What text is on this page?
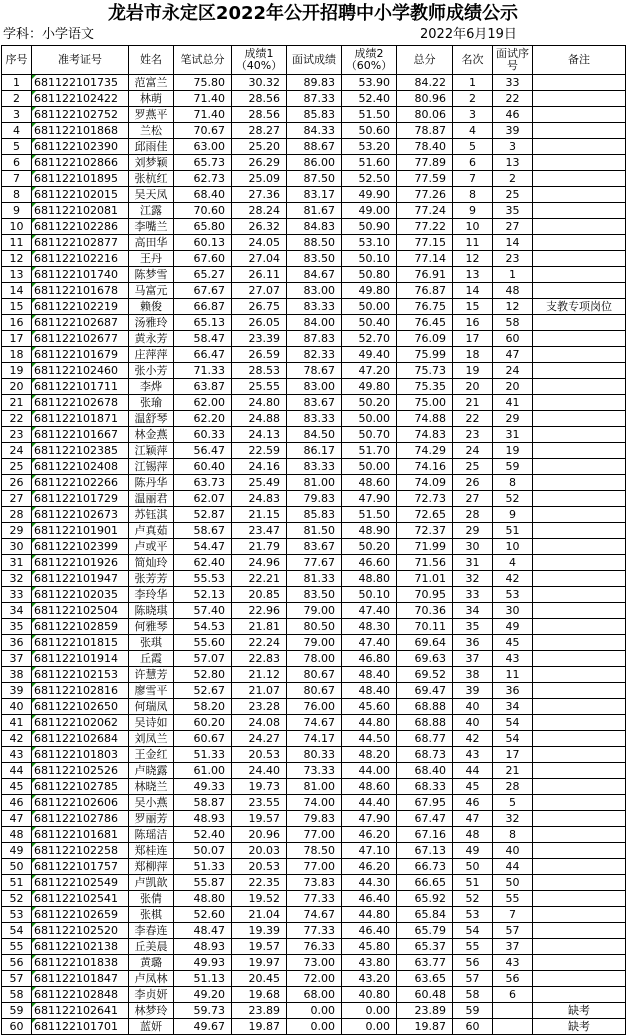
龙岩市永定区2022年公开招聘中小学教师成绩公示
学科：小学语文	2022年6月19日
序号	准考证号	姓名	笔试总分	成绩1（40%）	面试成绩	成绩2（60%）	总分	名次	面试序号	备注
1	681122101735	范富兰	75.80	30.32	89.83	53.90	84.22	1	33	
2	681122102422	林萌	71.40	28.56	87.33	52.40	80.96	2	22	
3	681122102752	罗燕平	71.40	28.56	85.83	51.50	80.06	3	46	
4	681122101868	兰松	70.67	28.27	84.33	50.60	78.87	4	39	
5	681122102390	邱雨佳	63.00	25.20	88.67	53.20	78.40	5	3	
6	681122102866	刘梦颖	65.73	26.29	86.00	51.60	77.89	6	13	
7	681122101895	张杭红	62.73	25.09	87.50	52.50	77.59	7	2	
8	681122102015	吴天凤	68.40	27.36	83.17	49.90	77.26	8	25	
9	681122102081	江露	70.60	28.24	81.67	49.00	77.24	9	35	
10	681122102286	李嘴兰	65.80	26.32	84.83	50.90	77.22	10	27	
11	681122102877	高田华	60.13	24.05	88.50	53.10	77.15	11	14	
12	681122102216	王丹	67.60	27.04	83.50	50.10	77.14	12	23	
13	681122101740	陈梦雪	65.27	26.11	84.67	50.80	76.91	13	1	
14	681122101678	马富元	67.67	27.07	83.00	49.80	76.87	14	48	
15	681122102219	赖俊	66.87	26.75	83.33	50.00	76.75	15	12	支教专项岗位
16	681122102687	汤雅玲	65.13	26.05	84.00	50.40	76.45	16	58	
17	681122102677	黄永芳	58.47	23.39	87.83	52.70	76.09	17	60	
18	681122101679	庄萍萍	66.47	26.59	82.33	49.40	75.99	18	47	
19	681122102460	张小芳	71.33	28.53	78.67	47.20	75.73	19	24	
20	681122101711	李烨	63.87	25.55	83.00	49.80	75.35	20	20	
21	681122102678	张瑜	62.00	24.80	83.67	50.20	75.00	21	41	
22	681122101871	温舒琴	62.20	24.88	83.33	50.00	74.88	22	29	
23	681122101667	林金燕	60.33	24.13	84.50	50.70	74.83	23	31	
24	681122102385	江颖萍	56.47	22.59	86.17	51.70	74.29	24	19	
25	681122102408	江锡萍	60.40	24.16	83.33	50.00	74.16	25	59	
26	681122102266	陈丹华	63.73	25.49	81.00	48.60	74.09	26	8	
27	681122101729	温丽君	62.07	24.83	79.83	47.90	72.73	27	52	
28	681122102673	苏钰淇	52.87	21.15	85.83	51.50	72.65	28	9	
29	681122101901	卢真茹	58.67	23.47	81.50	48.90	72.37	29	51	
30	681122102399	卢或平	54.47	21.79	83.67	50.20	71.99	30	10	
31	681122101926	简灿玲	62.40	24.96	77.67	46.60	71.56	31	4	
32	681122101947	张芳芳	55.53	22.21	81.33	48.80	71.01	32	42	
33	681122102035	李玲华	52.13	20.85	83.50	50.10	70.95	33	53	
34	681122102504	陈晓琪	57.40	22.96	79.00	47.40	70.36	34	30	
35	681122102859	何雅琴	54.53	21.81	80.50	48.30	70.11	35	49	
36	681122101815	张琪	55.60	22.24	79.00	47.40	69.64	36	45	
37	681122101914	丘霞	57.07	22.83	78.00	46.80	69.63	37	43	
38	681122102153	许慧芳	52.80	21.12	80.67	48.40	69.52	38	11	
39	681122102816	廖雪平	52.67	21.07	80.67	48.40	69.47	39	36	
40	681122102650	何瑞凤	58.20	23.28	76.00	45.60	68.88	40	34	
41	681122102062	吴诗如	60.20	24.08	74.67	44.80	68.88	40	54	
42	681122102684	刘凤兰	60.67	24.27	74.17	44.50	68.77	42	54	
43	681122101803	王金红	51.33	20.53	80.33	48.20	68.73	43	17	
44	681122102526	卢晓露	61.00	24.40	73.33	44.00	68.40	44	21	
45	681122102785	林晓兰	49.33	19.73	81.00	48.60	68.33	45	28	
46	681122102606	吴小燕	58.87	23.55	74.00	44.40	67.95	46	5	
47	681122102786	罗丽芳	48.93	19.57	79.83	47.90	67.47	47	32	
48	681122101681	陈瑶洁	52.40	20.96	77.00	46.20	67.16	48	8	
49	681122102258	郑桂连	50.07	20.03	78.50	47.10	67.13	49	40	
50	681122101757	郑柳萍	51.33	20.53	77.00	46.20	66.73	50	44	
51	681122102549	卢凯歆	55.87	22.35	73.83	44.30	66.65	51	50	
52	681122102541	张倩	48.80	19.52	77.33	46.40	65.92	52	55	
53	681122102659	张棋	52.60	21.04	74.67	44.80	65.84	53	7	
54	681122102520	李春连	48.47	19.39	77.33	46.40	65.79	54	57	
55	681122102138	丘美晨	48.93	19.57	76.33	45.80	65.37	55	37	
56	681122101838	黄璐	49.93	19.97	73.00	43.80	63.77	56	43	
57	681122101847	卢凤林	51.13	20.45	72.00	43.20	63.65	57	56	
58	681122102848	李贞妍	49.20	19.68	68.00	40.80	60.48	58	6	
59	681122102641	林梦玲	59.73	23.89	0.00	0.00	23.89	59		缺考
60	681122101701	蓝妍	49.67	19.87	0.00	0.00	19.87	60		缺考
